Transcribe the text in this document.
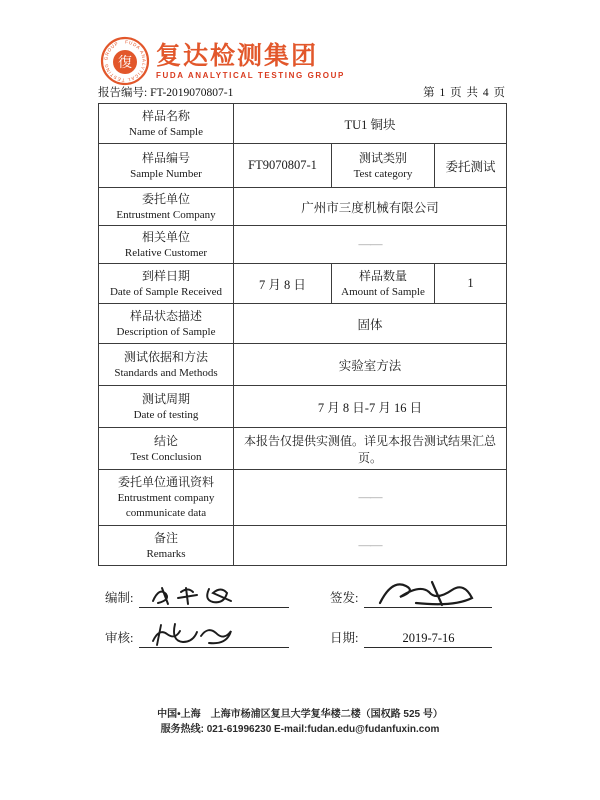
FUDA ANALYTICAL TESTING GROUP
復 复达检测集团
FUDA ANALYTICAL TESTING GROUP
报告编号: FT-2019070807-1	第 1 页 共 4 页
样品名称
Name of Sample	TU1 铜块		

样品编号
Sample Number	FT9070807-1	测试类别
Test category	委托测试

委托单位
Entrustment Company	广州市三度机械有限公司		

相关单位
Relative Customer	——		

到样日期
Date of Sample Received	7 月 8 日	样品数量
Amount of Sample	1

样品状态描述
Description of Sample	固体		

测试依据和方法
Standards and Methods	实验室方法		

测试周期
Date of testing	7 月 8 日-7 月 16 日		

结论
Test Conclusion	本报告仅提供实测值。详见本报告测试结果汇总页。		

委托单位通讯资料
Entrustment company
communicate data	——		

备注
Remarks	——		
编制:	签发:
审核:	日期:	2019-7-16
中国•上海　上海市杨浦区复旦大学复华楼二楼（国权路 525 号）
服务热线: 021-61996230 E-mail:fudan.edu@fudanfuxin.com
